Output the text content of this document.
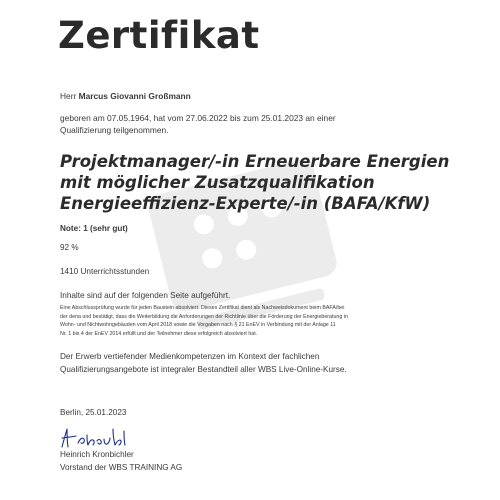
Zertifikat
Herr Marcus Giovanni Großmann
geboren am 07.05.1964, hat vom 27.06.2022 bis zum 25.01.2023 an einer
Qualifizierung teilgenommen.
Projektmanager/-in Erneuerbare Energien
mit möglicher Zusatzqualifikation
Energieeffizienz-Experte/-in (BAFA/KfW)
Note: 1 (sehr gut)
92 %
1410 Unterrichtsstunden
Inhalte sind auf der folgenden Seite aufgeführt.
Eine Abschlussprüfung wurde für jeden Baustein absolviert. Dieses Zertifikat dient als Nachweisdokument beim BAFA/bei
der dena und bestätigt, dass die Weiterbildung die Anforderungen der Richtlinie über die Förderung der Energieberatung in
Wohn- und Nichtwohngebäuden vom April 2018 sowie die Vorgaben nach § 21 EnEV in Verbindung mit der Anlage 11
Nr. 1 bis 4 der EnEV 2014 erfüllt und der Teilnehmer diese erfolgreich absolviert hat.
Der Erwerb vertiefender Medienkompetenzen im Kontext der fachlichen
Qualifizierungsangebote ist integraler Bestandteil aller WBS Live-Online-Kurse.
Berlin, 25.01.2023
Heinrich Kronbichler
Vorstand der WBS TRAINING AG
